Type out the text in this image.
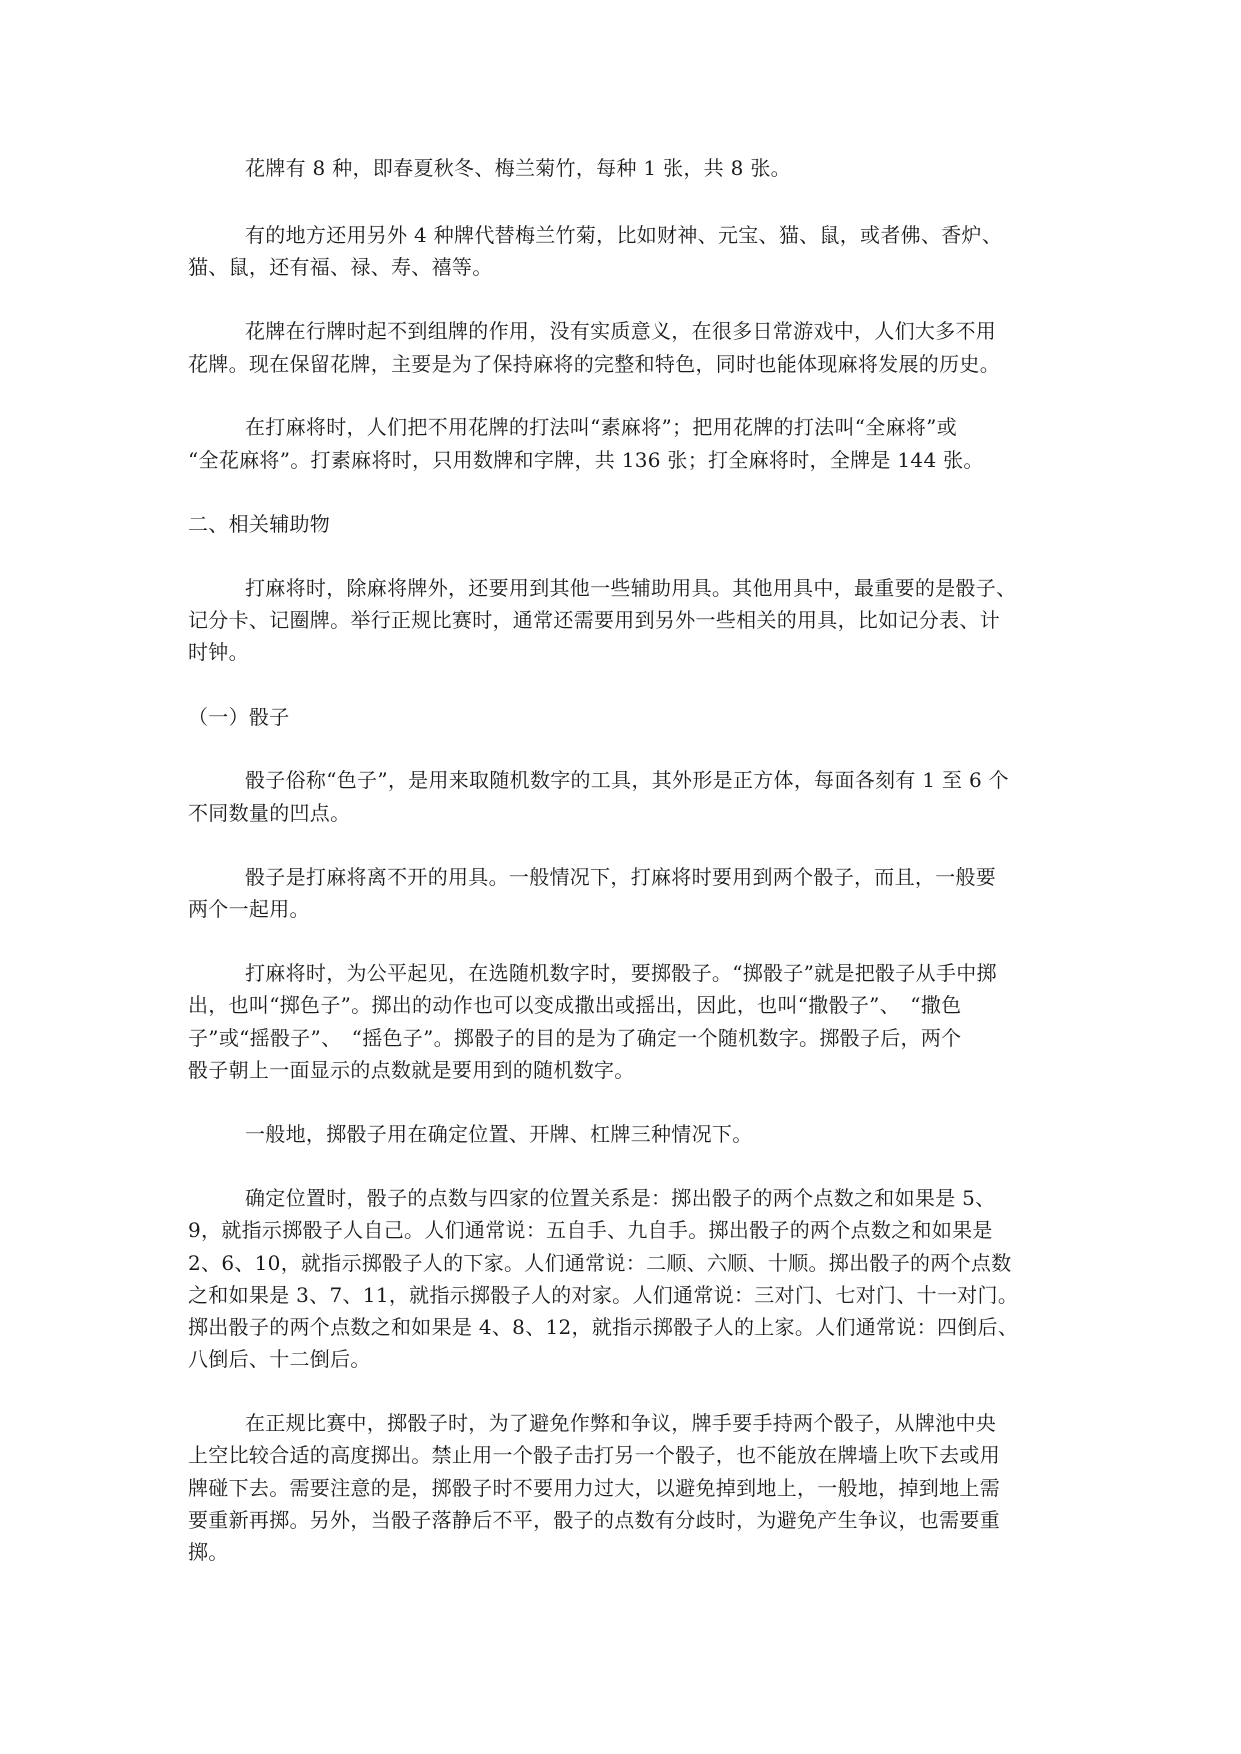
花牌有 8 种，即春夏秋冬、梅兰菊竹，每种 1 张，共 8 张。
有的地方还用另外 4 种牌代替梅兰竹菊，比如财神、元宝、猫、鼠，或者佛、香炉、
猫、鼠，还有福、禄、寿、禧等。
花牌在行牌时起不到组牌的作用，没有实质意义，在很多日常游戏中，人们大多不用
花牌。现在保留花牌，主要是为了保持麻将的完整和特色，同时也能体现麻将发展的历史。
在打麻将时，人们把不用花牌的打法叫“素麻将”；把用花牌的打法叫“全麻将”或
“全花麻将”。打素麻将时，只用数牌和字牌，共 136 张；打全麻将时，全牌是 144 张。
二、相关辅助物
打麻将时，除麻将牌外，还要用到其他一些辅助用具。其他用具中，最重要的是骰子、
记分卡、记圈牌。举行正规比赛时，通常还需要用到另外一些相关的用具，比如记分表、计
时钟。
（一）骰子
骰子俗称“色子”，是用来取随机数字的工具，其外形是正方体，每面各刻有 1 至 6 个
不同数量的凹点。
骰子是打麻将离不开的用具。一般情况下，打麻将时要用到两个骰子，而且，一般要
两个一起用。
打麻将时，为公平起见，在选随机数字时，要掷骰子。“掷骰子”就是把骰子从手中掷
出，也叫“掷色子”。掷出的动作也可以变成撒出或摇出，因此，也叫“撒骰子”、　“撒色
子”或“摇骰子”、　“摇色子”。掷骰子的目的是为了确定一个随机数字。掷骰子后，两个
骰子朝上一面显示的点数就是要用到的随机数字。
一般地，掷骰子用在确定位置、开牌、杠牌三种情况下。
确定位置时，骰子的点数与四家的位置关系是：掷出骰子的两个点数之和如果是 5、
9，就指示掷骰子人自己。人们通常说：五自手、九自手。掷出骰子的两个点数之和如果是
2、6、10，就指示掷骰子人的下家。人们通常说：二顺、六顺、十顺。掷出骰子的两个点数
之和如果是 3、7、11，就指示掷骰子人的对家。人们通常说：三对门、七对门、十一对门。
掷出骰子的两个点数之和如果是 4、8、12，就指示掷骰子人的上家。人们通常说：四倒后、
八倒后、十二倒后。
在正规比赛中，掷骰子时，为了避免作弊和争议，牌手要手持两个骰子，从牌池中央
上空比较合适的高度掷出。禁止用一个骰子击打另一个骰子，也不能放在牌墙上吹下去或用
牌碰下去。需要注意的是，掷骰子时不要用力过大，以避免掉到地上，一般地，掉到地上需
要重新再掷。另外，当骰子落静后不平，骰子的点数有分歧时，为避免产生争议，也需要重
掷。
